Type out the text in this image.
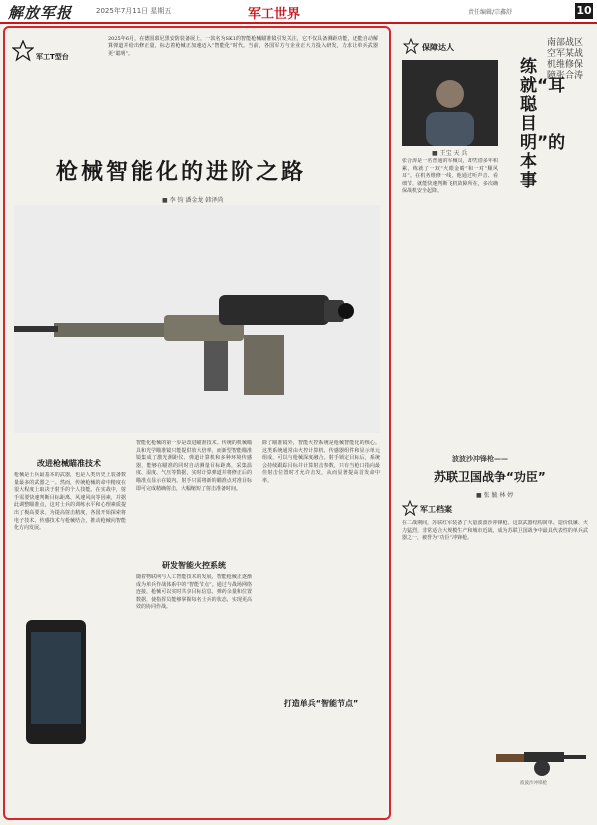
解放军报	2025年7月11日 星期五	军工世界	责任编辑/宗鑫舒	10
军工T型台
2025年6月，在德国慕尼黑安防装备展上，一款名为SK1的智能枪械瞄准镜引发关注，它不仅具备测距功能，还能自动解算弹道并给出修正量，标志着枪械正加速迈入“智能化”时代。当前，各国军方与企业正大力投入研发，力求让单兵武器更“聪明”。
枪械智能化的进阶之路
■ 李 钧 潘金龙 韩泽尚
改进枪械瞄准技术
枪械是士兵最基本的武器，也是人类历史上装备数量最多的武器之一。然而，传统枪械的命中精度在很大程度上取决于射手的个人技能。在实战中，射手需要快速判断目标距离、风速风向等因素，并据此调整瞄准点，这对士兵的训练水平和心理素质提出了极高要求。为提高射击精度，各国开始探索将电子技术、传感技术与枪械结合，推动枪械向智能化方向发展。
智能化枪械的第一步是改进瞄准技术。传统的机械瞄具和光学瞄准镜只能提供放大倍率，而新型智能瞄准镜集成了激光测距仪、弹道计算机和多种环境传感器，能够在瞄准的同时自动测量目标距离，采集温度、湿度、气压等数据，实时计算弹道并将修正后的瞄准点显示在镜内。射手只需将新的瞄准点对准目标即可完成精确射击，大幅缩短了射击准备时间。
除了瞄准镜外，智能火控系统是枪械智能化的核心。这类系统通常由火控计算机、传感器组件和显示单元组成，可以与枪械深度融合。射手锁定目标后，系统会持续跟踪目标并计算射击参数，只有当枪口指向最佳射击位置时才允许击发，从而显著提高首发命中率。
研发智能火控系统
随着物联网与人工智能技术的发展，智能枪械正逐渐成为单兵作战体系中的“智能节点”。通过与战场网络连接，枪械可以实时共享目标信息、弹药余量和位置数据，使指挥员能够掌握每名士兵的状态，实现更高效的协同作战。
打造单兵“智能节点”
保障达人
练就“耳聪目明”的本事
南部战区空军某战机维修保障张合涛
■ 王宝 天 兵
张合涛是一名普通的军械员，却凭借多年积累，练就了一双“火眼金睛”和一对“顺风耳”。在机务维修一线，他通过听声音、看细节，就能快速判断飞机故障所在，多次确保战机安全起降。
波波沙冲锋枪——
苏联卫国战争“功臣”
■ 张 毓 林 婷
军工档案
在二战期间，苏联红军装备了大量波波沙冲锋枪。这款武器结构简单、造价低廉、火力猛烈，非常适合大规模生产和城市近战，成为苏联卫国战争中最具代表性的单兵武器之一，被誉为“功臣”冲锋枪。
波波沙冲锋枪
